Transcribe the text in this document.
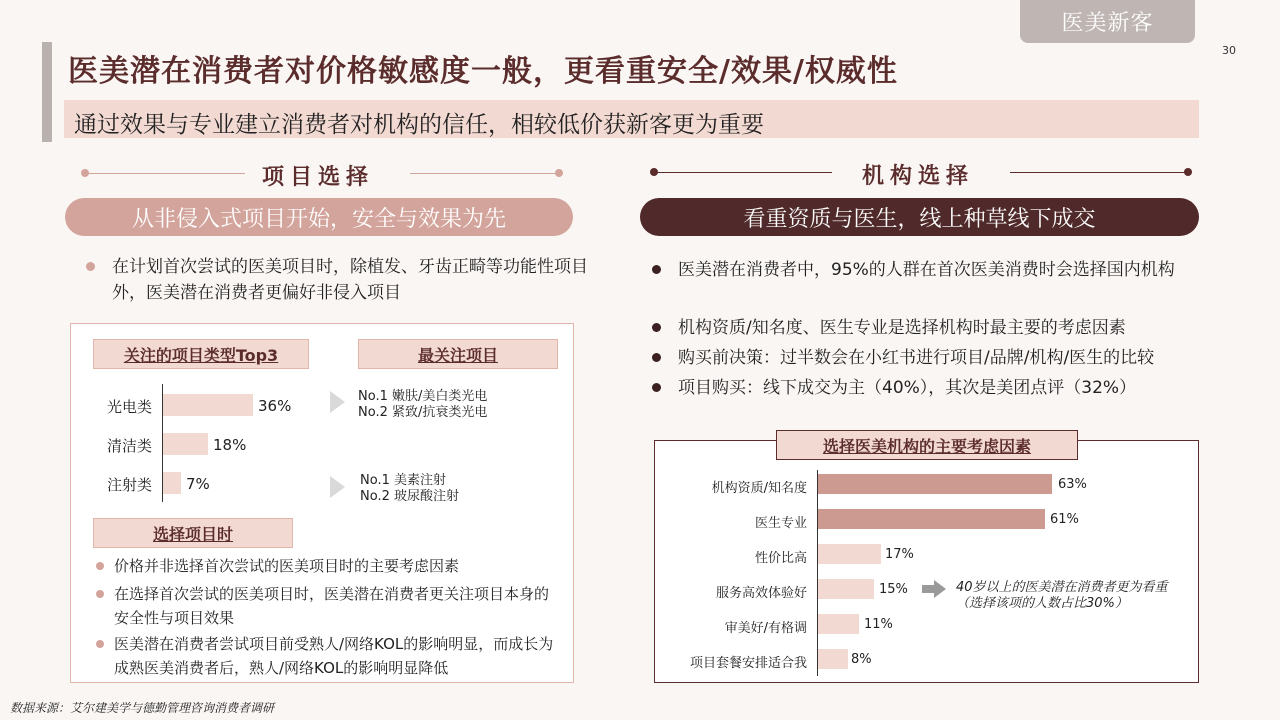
医美新客
30
医美潜在消费者对价格敏感度一般，更看重安全/效果/权威性
通过效果与专业建立消费者对机构的信任，相较低价获新客更为重要
项目选择
从非侵入式项目开始，安全与效果为先
在计划首次尝试的医美项目时，除植发、牙齿正畸等功能性项目外，医美潜在消费者更偏好非侵入项目
关注的项目类型Top3	最关注项目
光电类
清洁类
注射类
36%
18%
7%
No.1 嫩肤/美白类光电
No.2 紧致/抗衰类光电
No.1 美素注射
No.2 玻尿酸注射
选择项目时
价格并非选择首次尝试的医美项目时的主要考虑因素
在选择首次尝试的医美项目时，医美潜在消费者更关注项目本身的安全性与项目效果
医美潜在消费者尝试项目前受熟人/网络KOL的影响明显，而成长为成熟医美消费者后，熟人/网络KOL的影响明显降低
机构选择
看重资质与医生，线上种草线下成交
医美潜在消费者中，95%的人群在首次医美消费时会选择国内机构
机构资质/知名度、医生专业是选择机构时最主要的考虑因素
购买前决策：过半数会在小红书进行项目/品牌/机构/医生的比较
项目购买：线下成交为主（40%），其次是美团点评（32%）
选择医美机构的主要考虑因素
机构资质/知名度
医生专业
性价比高
服务高效体验好
审美好/有格调
项目套餐安排适合我
63%
61%
17%
15%
11%
8%
40岁以上的医美潜在消费者更为看重
（选择该项的人数占比30%）
数据来源：艾尔建美学与德勤管理咨询消费者调研
